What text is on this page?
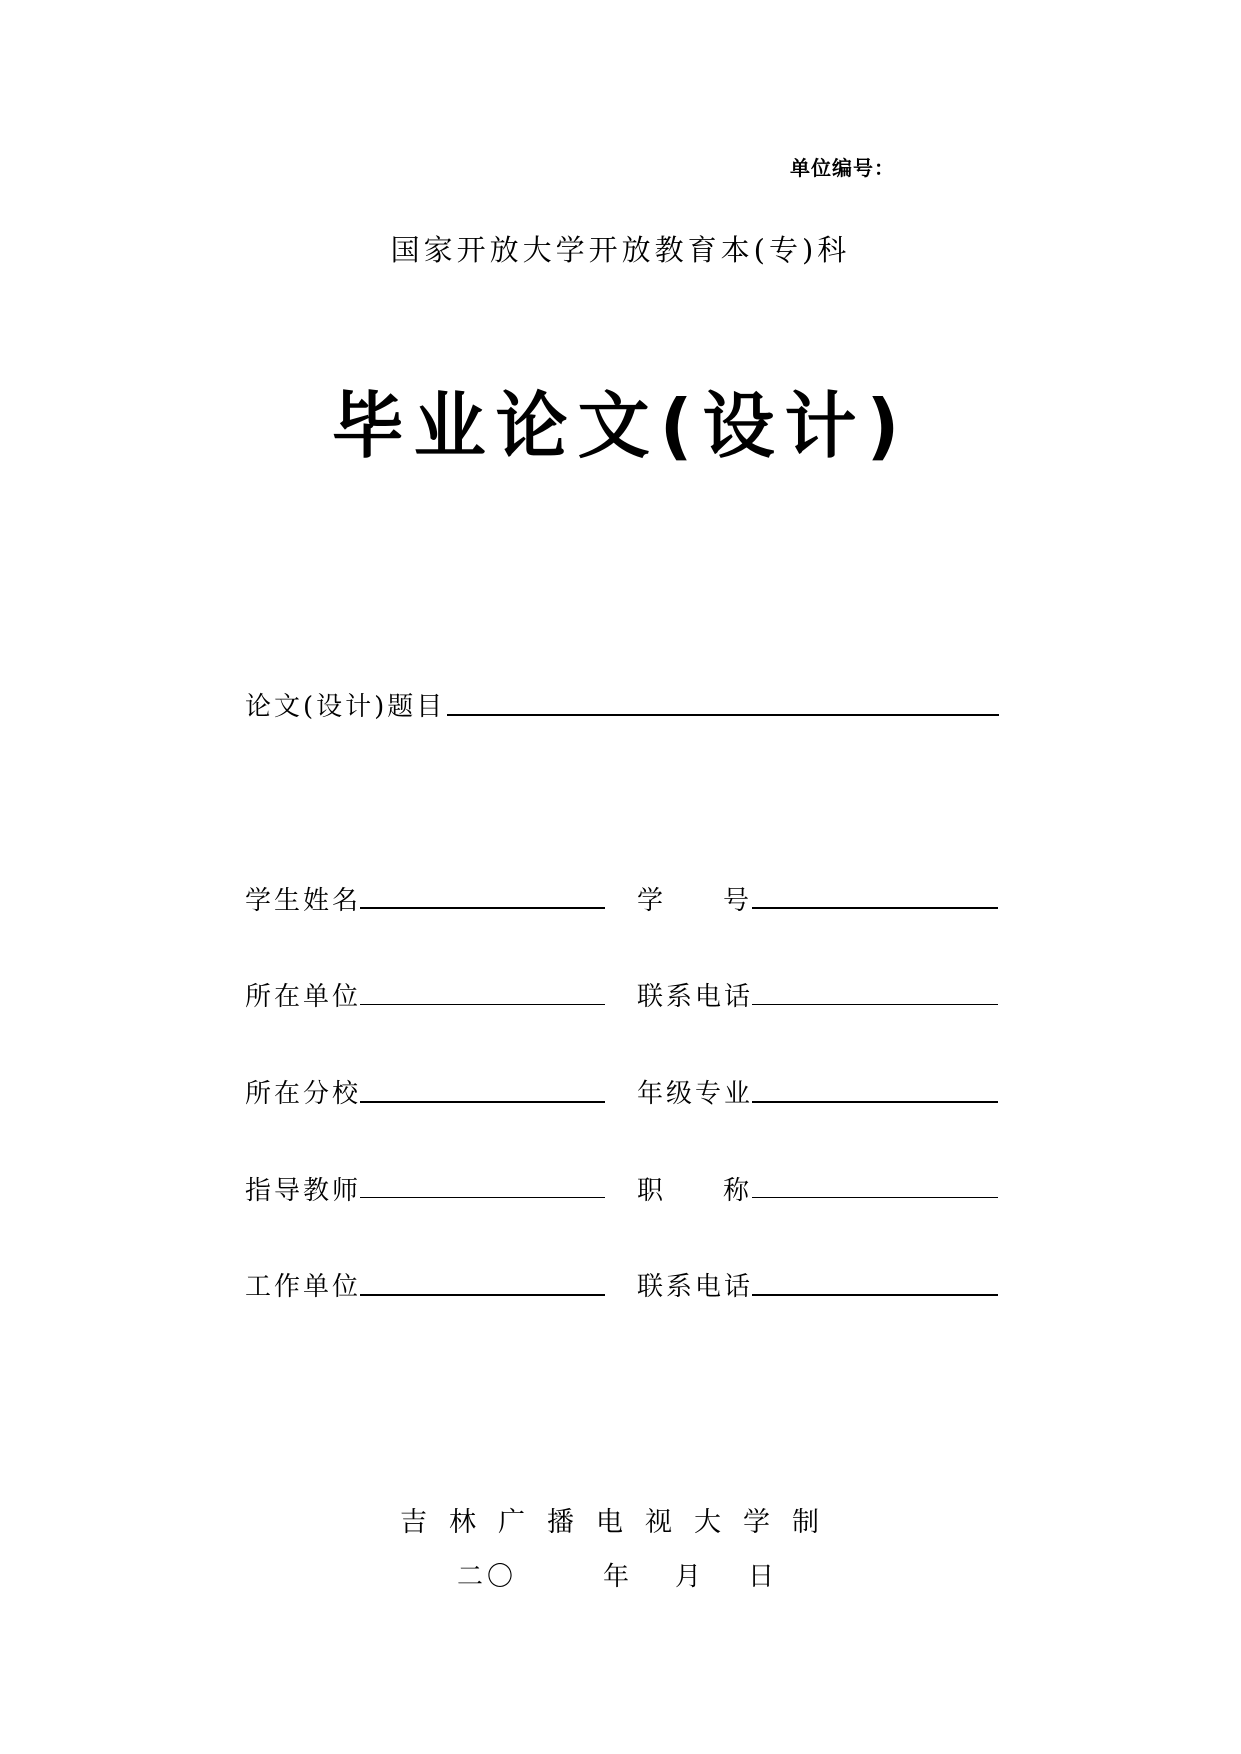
单位编号：
国家开放大学开放教育本(专)科
毕业论文(设计)
论文(设计)题目
学生姓名	学 号
所在单位	联系电话
所在分校	年级专业
指导教师	职 称
工作单位	联系电话
吉林广播电视大学制
二〇	年 月 日
